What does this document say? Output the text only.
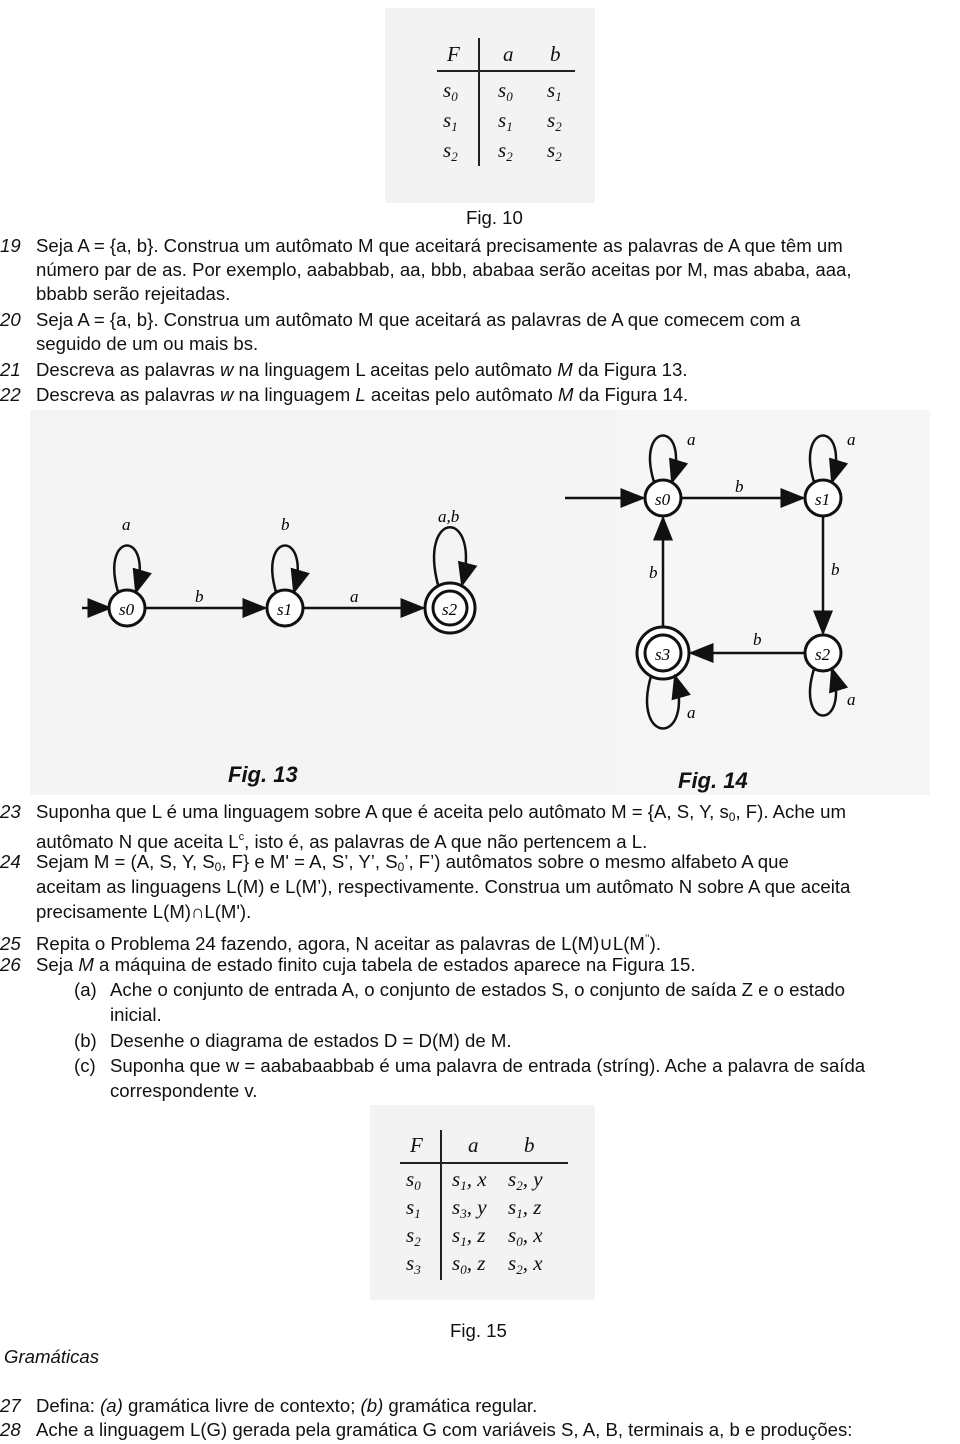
F a b
s0 s0 s1
s1 s1 s2
s2 s2 s2
Fig. 10
19 Seja A = {a, b}. Construa um autômato M que aceitará precisamente as palavras de A que têm um
número par de as. Por exemplo, aababbab, aa, bbb, ababaa serão aceitas por M, mas ababa, aaa,
bbabb serão rejeitadas.
20 Seja A = {a, b}. Construa um autômato M que aceitará as palavras de A que comecem com a
seguido de um ou mais bs.
21 Descreva as palavras w na linguagem L aceitas pelo autômato M da Figura 13.
22 Descreva as palavras w na linguagem L aceitas pelo autômato M da Figura 14.
s0	s1	s2
b	a
a	b	a,b
s0	s1
s2
s3
b
b
b
b
a	a
a
a
Fig. 13	Fig. 14
23 Suponha que L é uma linguagem sobre A que é aceita pelo autômato M = {A, S, Y, $s_0$, F). Ache um
autômato N que aceita $L^c$, isto é, as palavras de A que não pertencem a L.
24 Sejam M = (A, S, Y, $S_0$, F} e M' = A, S’, Y’, $S_0$’, F’) autômatos sobre o mesmo alfabeto A que
aceitam as linguagens L(M) e L(M’), respectivamente. Construa um autômato N sobre A que aceita
precisamente L(M)∩L(M').
25 Repita o Problema 24 fazendo, agora, N aceitar as palavras de L(M)∪L(M’’).
26 Seja M a máquina de estado finito cuja tabela de estados aparece na Figura 15.
(a) Ache o conjunto de entrada A, o conjunto de estados S, o conjunto de saída Z e o estado
inicial.
(b) Desenhe o diagrama de estados D = D(M) de M.
(c) Suponha que w = aababaabbab é uma palavra de entrada (stríng). Ache a palavra de saída
correspondente v.
F a b
s0 s1, x s2, y
s1 s3, y s1, z
s2 s1, z s0, x
s3 s0, z s2, x
Gramáticas
Fig. 15
27 Defina: (a) gramática livre de contexto; (b) gramática regular.
28 Ache a linguagem L(G) gerada pela gramática G com variáveis S, A, B, terminais a, b e produções:
